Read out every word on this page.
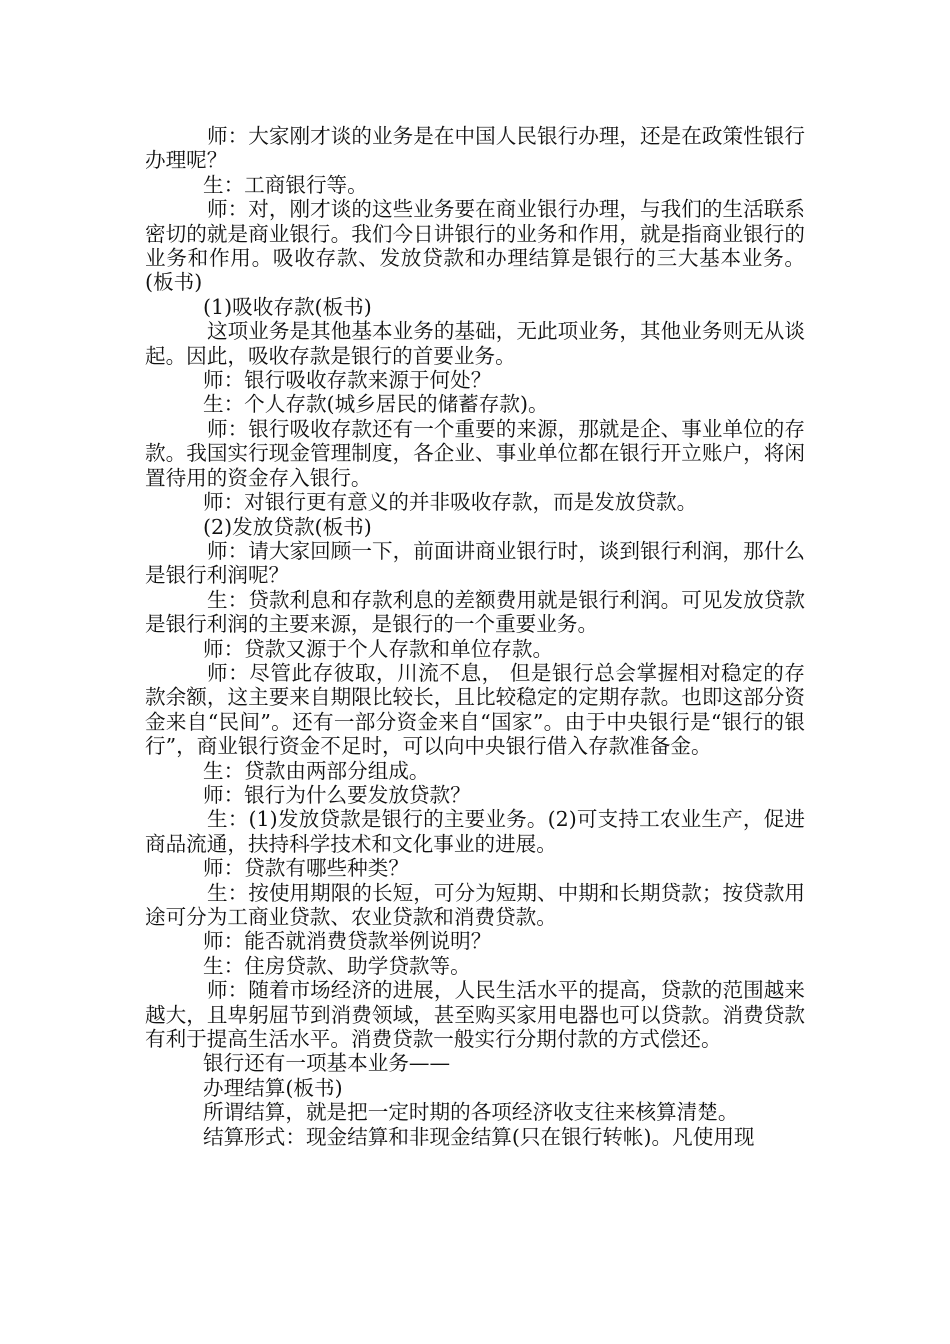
师：大家刚才谈的业务是在中国人民银行办理，还是在政策性银行办理呢？

生：工商银行等。

师：对，刚才谈的这些业务要在商业银行办理，与我们的生活联系密切的就是商业银行。我们今日讲银行的业务和作用，就是指商业银行的业务和作用。吸收存款、发放贷款和办理结算是银行的三大基本业务。(板书)

(1)吸收存款(板书)

这项业务是其他基本业务的基础，无此项业务，其他业务则无从谈起。因此，吸收存款是银行的首要业务。

师：银行吸收存款来源于何处？

生：个人存款(城乡居民的储蓄存款)。

师：银行吸收存款还有一个重要的来源，那就是企、事业单位的存款。我国实行现金管理制度，各企业、事业单位都在银行开立账户，将闲置待用的资金存入银行。

师：对银行更有意义的并非吸收存款，而是发放贷款。

(2)发放贷款(板书)

师：请大家回顾一下，前面讲商业银行时，谈到银行利润，那什么是银行利润呢？

生：贷款利息和存款利息的差额费用就是银行利润。可见发放贷款是银行利润的主要来源，是银行的一个重要业务。

师：贷款又源于个人存款和单位存款。

师：尽管此存彼取，川流不息， 但是银行总会掌握相对稳定的存款余额，这主要来自期限比较长，且比较稳定的定期存款。也即这部分资金来自“民间”。还有一部分资金来自“国家”。由于中央银行是“银行的银行”，商业银行资金不足时，可以向中央银行借入存款准备金。

生：贷款由两部分组成。

师：银行为什么要发放贷款？

生：(1)发放贷款是银行的主要业务。(2)可支持工农业生产，促进商品流通，扶持科学技术和文化事业的进展。

师：贷款有哪些种类？

生：按使用期限的长短，可分为短期、中期和长期贷款；按贷款用途可分为工商业贷款、农业贷款和消费贷款。

师：能否就消费贷款举例说明？

生：住房贷款、助学贷款等。

师：随着市场经济的进展，人民生活水平的提高，贷款的范围越来越大，且卑躬屈节到消费领域，甚至购买家用电器也可以贷款。消费贷款有利于提高生活水平。消费贷款一般实行分期付款的方式偿还。

银行还有一项基本业务——

办理结算(板书)

所谓结算，就是把一定时期的各项经济收支往来核算清楚。

结算形式：现金结算和非现金结算(只在银行转帐)。凡使用现
